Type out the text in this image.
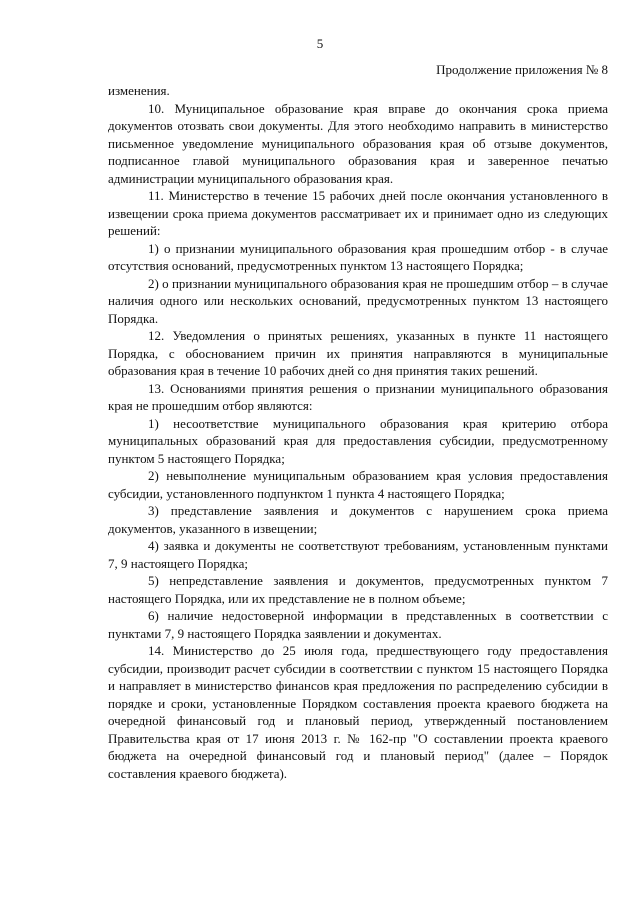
5
Продолжение приложения № 8

изменения.

10. Муниципальное образование края вправе до окончания срока приема документов отозвать свои документы. Для этого необходимо направить в министерство письменное уведомление муниципального образования края об отзыве документов, подписанное главой муниципального образования края и заверенное печатью администрации муниципального образования края.

11. Министерство в течение 15 рабочих дней после окончания установленного в извещении срока приема документов рассматривает их и принимает одно из следующих решений:

1) о признании муниципального образования края прошедшим отбор - в случае отсутствия оснований, предусмотренных пунктом 13 настоящего Порядка;

2) о признании муниципального образования края не прошедшим отбор – в случае наличия одного или нескольких оснований, предусмотренных пунктом 13 настоящего Порядка.

12. Уведомления о принятых решениях, указанных в пункте 11 настоящего Порядка, с обоснованием причин их принятия направляются в муниципальные образования края в течение 10 рабочих дней со дня принятия таких решений.

13. Основаниями принятия решения о признании муниципального образования края не прошедшим отбор являются:

1) несоответствие муниципального образования края критерию отбора муниципальных образований края для предоставления субсидии, предусмотренному пунктом 5 настоящего Порядка;

2) невыполнение муниципальным образованием края условия предоставления субсидии, установленного подпунктом 1 пункта 4 настоящего Порядка;

3) представление заявления и документов с нарушением срока приема документов, указанного в извещении;

4) заявка и документы не соответствуют требованиям, установленным пунктами 7, 9 настоящего Порядка;

5) непредставление заявления и документов, предусмотренных пунктом 7 настоящего Порядка, или их представление не в полном объеме;

6) наличие недостоверной информации в представленных в соответствии с пунктами 7, 9 настоящего Порядка заявлении и документах.

14. Министерство до 25 июля года, предшествующего году предоставления субсидии, производит расчет субсидии в соответствии с пунктом 15 настоящего Порядка и направляет в министерство финансов края предложения по распределению субсидии в порядке и сроки, установленные Порядком составления проекта краевого бюджета на очередной финансовый год и плановый период, утвержденный постановлением Правительства края от 17 июня 2013 г. № 162-пр "О составлении проекта краевого бюджета на очередной финансовый год и плановый период" (далее – Порядок составления краевого бюджета).
